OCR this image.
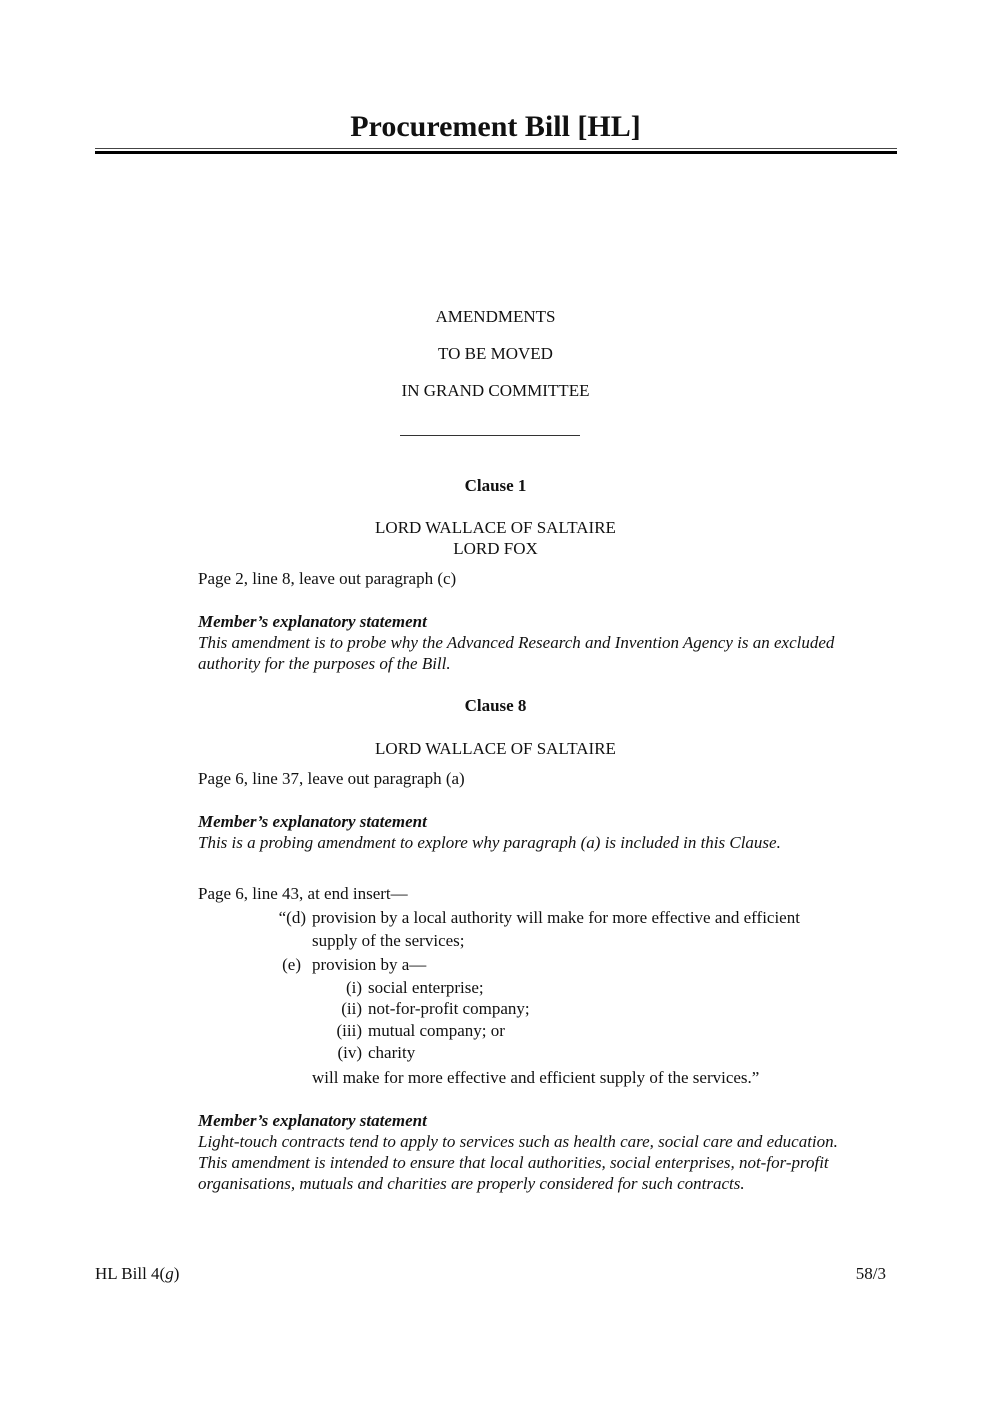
Procurement Bill [HL]
AMENDMENTS
TO BE MOVED
IN GRAND COMMITTEE
Clause 1
LORD WALLACE OF SALTAIRE
LORD FOX
Page 2, line 8, leave out paragraph (c)
Member’s explanatory statement
This amendment is to probe why the Advanced Research and Invention Agency is an excluded
authority for the purposes of the Bill.
Clause 8
LORD WALLACE OF SALTAIRE
Page 6, line 37, leave out paragraph (a)
Member’s explanatory statement
This is a probing amendment to explore why paragraph (a) is included in this Clause.
Page 6, line 43, at end insert—
“(d) provision by a local authority will make for more effective and efficient
supply of the services;
(e) provision by a—
(i) social enterprise;
(ii) not-for-profit company;
(iii) mutual company; or
(iv) charity
will make for more effective and efficient supply of the services.”
Member’s explanatory statement
Light-touch contracts tend to apply to services such as health care, social care and education.
This amendment is intended to ensure that local authorities, social enterprises, not-for-profit
organisations, mutuals and charities are properly considered for such contracts.
HL Bill 4(g)	58/3
